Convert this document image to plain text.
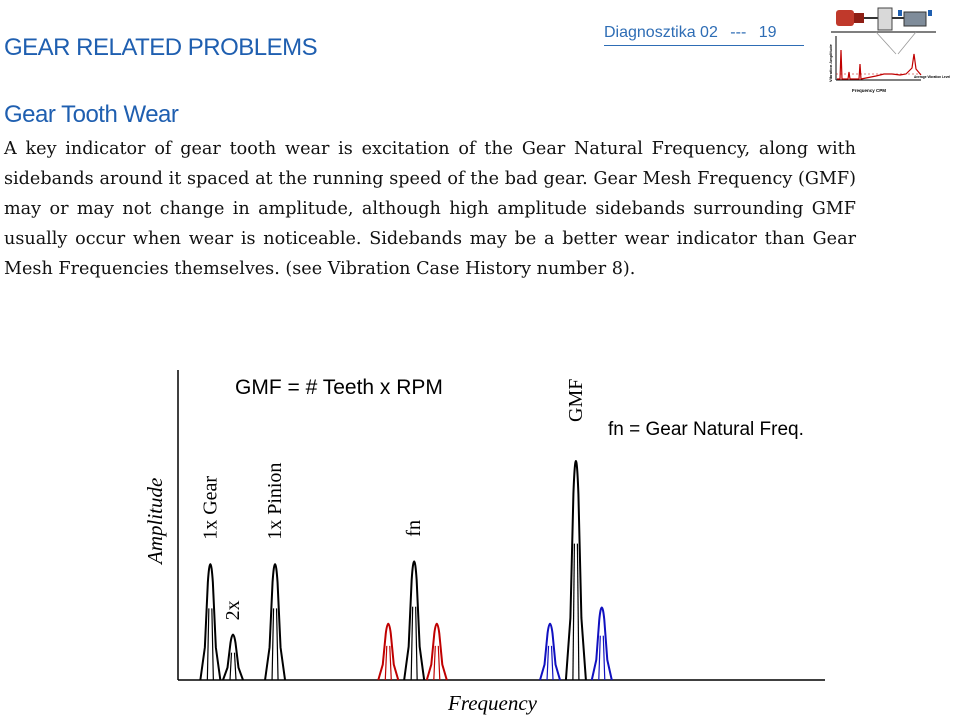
GEAR RELATED PROBLEMS
Diagnosztika 02 --- 19
Vibration Amplitude
Frequency CPM
Average Vibration Level
Gear Tooth Wear

A key indicator of gear tooth wear is excitation of the Gear Natural Frequency, along with sidebands around it spaced at the running speed of the bad gear. Gear Mesh Frequency (GMF) may or may not change in amplitude, although high amplitude sidebands surrounding GMF usually occur when wear is noticeable. Sidebands may be a better wear indicator than Gear Mesh Frequencies themselves. (see Vibration Case History number 8).

GMF = # Teeth x RPM
fn = Gear Natural Freq.
Amplitude
Frequency
1x Gear
2x
1x Pinion	fn
GMF
